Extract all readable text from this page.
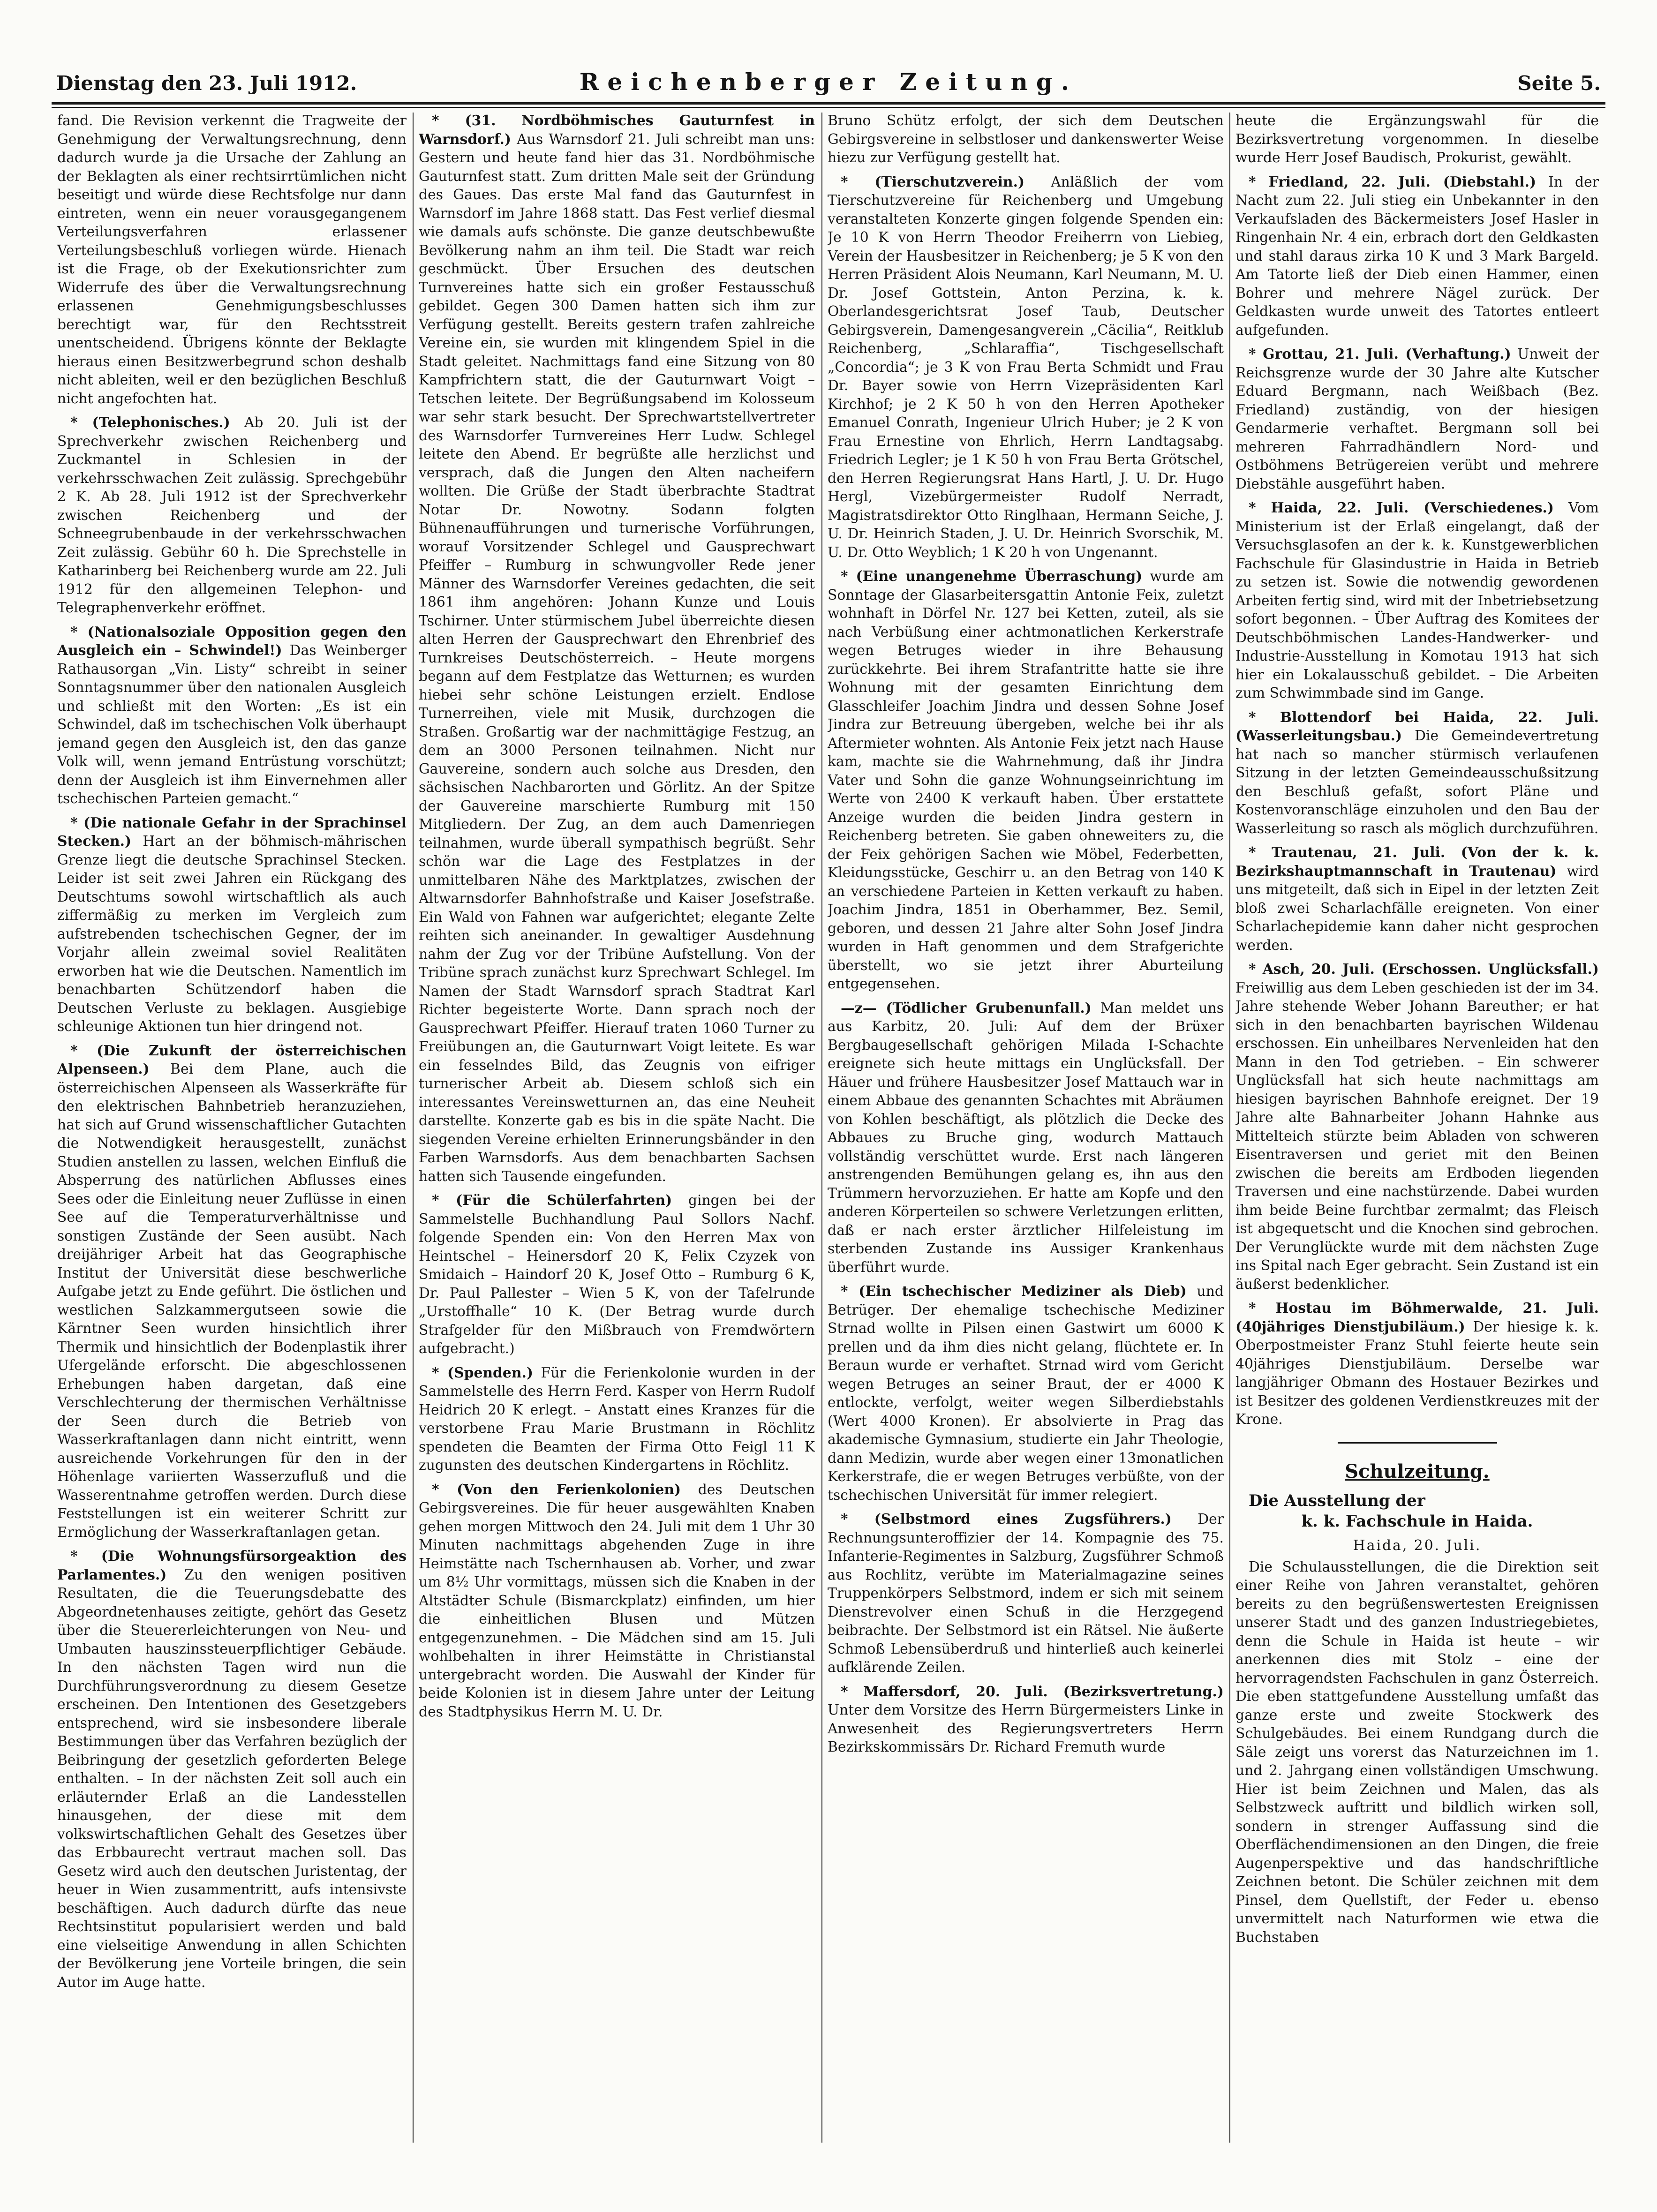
Dienstag den 23. Juli 1912.	Reichenberger Zeitung.	Seite 5.

fand. Die Revision verkennt die Tragweite der Genehmigung der Verwaltungsrechnung, denn dadurch wurde ja die Ursache der Zahlung an der Beklagten als einer rechtsirrtümlichen nicht beseitigt und würde diese Rechtsfolge nur dann eintreten, wenn ein neuer vorausgegangenem Verteilungsverfahren erlassener Verteilungsbeschluß vorliegen würde. Hienach ist die Frage, ob der Exekutionsrichter zum Widerrufe des über die Verwaltungsrechnung erlassenen Genehmigungsbeschlusses berechtigt war, für den Rechtsstreit unentscheidend. Übrigens könnte der Beklagte hieraus einen Besitzwerbegrund schon deshalb nicht ableiten, weil er den bezüglichen Beschluß nicht angefochten hat.

* (Telephonisches.) Ab 20. Juli ist der Sprechverkehr zwischen Reichenberg und Zuckmantel in Schlesien in der verkehrsschwachen Zeit zulässig. Sprechgebühr 2 K. Ab 28. Juli 1912 ist der Sprechverkehr zwischen Reichenberg und der Schneegrubenbaude in der verkehrsschwachen Zeit zulässig. Gebühr 60 h. Die Sprechstelle in Katharinberg bei Reichenberg wurde am 22. Juli 1912 für den allgemeinen Telephon- und Telegraphenverkehr eröffnet.

* (Nationalsoziale Opposition gegen den Ausgleich ein – Schwindel!) Das Weinberger Rathausorgan „Vin. Listy“ schreibt in seiner Sonntagsnummer über den nationalen Ausgleich und schließt mit den Worten: „Es ist ein Schwindel, daß im tschechischen Volk überhaupt jemand gegen den Ausgleich ist, den das ganze Volk will, wenn jemand Entrüstung vorschützt; denn der Ausgleich ist ihm Einvernehmen aller tschechischen Parteien gemacht.“

* (Die nationale Gefahr in der Sprachinsel Stecken.) Hart an der böhmisch-mährischen Grenze liegt die deutsche Sprachinsel Stecken. Leider ist seit zwei Jahren ein Rückgang des Deutschtums sowohl wirtschaftlich als auch ziffermäßig zu merken im Vergleich zum aufstrebenden tschechischen Gegner, der im Vorjahr allein zweimal soviel Realitäten erworben hat wie die Deutschen. Namentlich im benachbarten Schützendorf haben die Deutschen Verluste zu beklagen. Ausgiebige schleunige Aktionen tun hier dringend not.

* (Die Zukunft der österreichischen Alpenseen.) Bei dem Plane, auch die österreichischen Alpenseen als Wasserkräfte für den elektrischen Bahnbetrieb heranzuziehen, hat sich auf Grund wissenschaftlicher Gutachten die Notwendigkeit herausgestellt, zunächst Studien anstellen zu lassen, welchen Einfluß die Absperrung des natürlichen Abflusses eines Sees oder die Einleitung neuer Zuflüsse in einen See auf die Temperaturverhältnisse und sonstigen Zustände der Seen ausübt. Nach dreijähriger Arbeit hat das Geographische Institut der Universität diese beschwerliche Aufgabe jetzt zu Ende geführt. Die östlichen und westlichen Salzkammergutseen sowie die Kärntner Seen wurden hinsichtlich ihrer Thermik und hinsichtlich der Bodenplastik ihrer Ufergelände erforscht. Die abgeschlossenen Erhebungen haben dargetan, daß eine Verschlechterung der thermischen Verhältnisse der Seen durch die Betrieb von Wasserkraftanlagen dann nicht eintritt, wenn ausreichende Vorkehrungen für den in der Höhenlage variierten Wasserzufluß und die Wasserentnahme getroffen werden. Durch diese Feststellungen ist ein weiterer Schritt zur Ermöglichung der Wasserkraftanlagen getan.

* (Die Wohnungsfürsorgeaktion des Parlamentes.) Zu den wenigen positiven Resultaten, die die Teuerungsdebatte des Abgeordnetenhauses zeitigte, gehört das Gesetz über die Steuererleichterungen von Neu- und Umbauten hauszinssteuerpflichtiger Gebäude. In den nächsten Tagen wird nun die Durchführungsverordnung zu diesem Gesetze erscheinen. Den Intentionen des Gesetzgebers entsprechend, wird sie insbesondere liberale Bestimmungen über das Verfahren bezüglich der Beibringung der gesetzlich geforderten Belege enthalten. – In der nächsten Zeit soll auch ein erläuternder Erlaß an die Landesstellen hinausgehen, der diese mit dem volkswirtschaftlichen Gehalt des Gesetzes über das Erbbaurecht vertraut machen soll. Das Gesetz wird auch den deutschen Juristentag, der heuer in Wien zusammentritt, aufs intensivste beschäftigen. Auch dadurch dürfte das neue Rechtsinstitut popularisiert werden und bald eine vielseitige Anwendung in allen Schichten der Bevölkerung jene Vorteile bringen, die sein Autor im Auge hatte.

* (31. Nordböhmisches Gauturnfest in Warnsdorf.) Aus Warnsdorf 21. Juli schreibt man uns: Gestern und heute fand hier das 31. Nordböhmische Gauturnfest statt. Zum dritten Male seit der Gründung des Gaues. Das erste Mal fand das Gauturnfest in Warnsdorf im Jahre 1868 statt. Das Fest verlief diesmal wie damals aufs schönste. Die ganze deutschbewußte Bevölkerung nahm an ihm teil. Die Stadt war reich geschmückt. Über Ersuchen des deutschen Turnvereines hatte sich ein großer Festausschuß gebildet. Gegen 300 Damen hatten sich ihm zur Verfügung gestellt. Bereits gestern trafen zahlreiche Vereine ein, sie wurden mit klingendem Spiel in die Stadt geleitet. Nachmittags fand eine Sitzung von 80 Kampfrichtern statt, die der Gauturnwart Voigt – Tetschen leitete. Der Begrüßungsabend im Kolosseum war sehr stark besucht. Der Sprechwartstellvertreter des Warnsdorfer Turnvereines Herr Ludw. Schlegel leitete den Abend. Er begrüßte alle herzlichst und versprach, daß die Jungen den Alten nacheifern wollten. Die Grüße der Stadt überbrachte Stadtrat Notar Dr. Nowotny. Sodann folgten Bühnenaufführungen und turnerische Vorführungen, worauf Vorsitzender Schlegel und Gausprechwart Pfeiffer – Rumburg in schwungvoller Rede jener Männer des Warnsdorfer Vereines gedachten, die seit 1861 ihm angehören: Johann Kunze und Louis Tschirner. Unter stürmischem Jubel überreichte diesen alten Herren der Gausprechwart den Ehrenbrief des Turnkreises Deutschösterreich. – Heute morgens begann auf dem Festplatze das Wetturnen; es wurden hiebei sehr schöne Leistungen erzielt. Endlose Turnerreihen, viele mit Musik, durchzogen die Straßen. Großartig war der nachmittägige Festzug, an dem an 3000 Personen teilnahmen. Nicht nur Gauvereine, sondern auch solche aus Dresden, den sächsischen Nachbarorten und Görlitz. An der Spitze der Gauvereine marschierte Rumburg mit 150 Mitgliedern. Der Zug, an dem auch Damenriegen teilnahmen, wurde überall sympathisch begrüßt. Sehr schön war die Lage des Festplatzes in der unmittelbaren Nähe des Marktplatzes, zwischen der Altwarnsdorfer Bahnhofstraße und Kaiser Josefstraße. Ein Wald von Fahnen war aufgerichtet; elegante Zelte reihten sich aneinander. In gewaltiger Ausdehnung nahm der Zug vor der Tribüne Aufstellung. Von der Tribüne sprach zunächst kurz Sprechwart Schlegel. Im Namen der Stadt Warnsdorf sprach Stadtrat Karl Richter begeisterte Worte. Dann sprach noch der Gausprechwart Pfeiffer. Hierauf traten 1060 Turner zu Freiübungen an, die Gauturnwart Voigt leitete. Es war ein fesselndes Bild, das Zeugnis von eifriger turnerischer Arbeit ab. Diesem schloß sich ein interessantes Vereinswetturnen an, das eine Neuheit darstellte. Konzerte gab es bis in die späte Nacht. Die siegenden Vereine erhielten Erinnerungsbänder in den Farben Warnsdorfs. Aus dem benachbarten Sachsen hatten sich Tausende eingefunden.

* (Für die Schülerfahrten) gingen bei der Sammelstelle Buchhandlung Paul Sollors Nachf. folgende Spenden ein: Von den Herren Max von Heintschel – Heinersdorf 20 K, Felix Czyzek von Smidaich – Haindorf 20 K, Josef Otto – Rumburg 6 K, Dr. Paul Pallester – Wien 5 K, von der Tafelrunde „Urstoffhalle“ 10 K. (Der Betrag wurde durch Strafgelder für den Mißbrauch von Fremdwörtern aufgebracht.)

* (Spenden.) Für die Ferienkolonie wurden in der Sammelstelle des Herrn Ferd. Kasper von Herrn Rudolf Heidrich 20 K erlegt. – Anstatt eines Kranzes für die verstorbene Frau Marie Brustmann in Röchlitz spendeten die Beamten der Firma Otto Feigl 11 K zugunsten des deutschen Kindergartens in Röchlitz.

* (Von den Ferienkolonien) des Deutschen Gebirgsvereines. Die für heuer ausgewählten Knaben gehen morgen Mittwoch den 24. Juli mit dem 1 Uhr 30 Minuten nachmittags abgehenden Zuge in ihre Heimstätte nach Tschernhausen ab. Vorher, und zwar um 8½ Uhr vormittags, müssen sich die Knaben in der Altstädter Schule (Bismarckplatz) einfinden, um hier die einheitlichen Blusen und Mützen entgegenzunehmen. – Die Mädchen sind am 15. Juli wohlbehalten in ihrer Heimstätte in Christianstal untergebracht worden. Die Auswahl der Kinder für beide Kolonien ist in diesem Jahre unter der Leitung des Stadtphysikus Herrn M. U. Dr.

Bruno Schütz erfolgt, der sich dem Deutschen Gebirgsvereine in selbstloser und dankenswerter Weise hiezu zur Verfügung gestellt hat.

* (Tierschutzverein.) Anläßlich der vom Tierschutzvereine für Reichenberg und Umgebung veranstalteten Konzerte gingen folgende Spenden ein: Je 10 K von Herrn Theodor Freiherrn von Liebieg, Verein der Hausbesitzer in Reichenberg; je 5 K von den Herren Präsident Alois Neumann, Karl Neumann, M. U. Dr. Josef Gottstein, Anton Perzina, k. k. Oberlandesgerichtsrat Josef Taub, Deutscher Gebirgsverein, Damengesangverein „Cäcilia“, Reitklub Reichenberg, „Schlaraffia“, Tischgesellschaft „Concordia“; je 3 K von Frau Berta Schmidt und Frau Dr. Bayer sowie von Herrn Vizepräsidenten Karl Kirchhof; je 2 K 50 h von den Herren Apotheker Emanuel Conrath, Ingenieur Ulrich Huber; je 2 K von Frau Ernestine von Ehrlich, Herrn Landtagsabg. Friedrich Legler; je 1 K 50 h von Frau Berta Grötschel, den Herren Regierungsrat Hans Hartl, J. U. Dr. Hugo Hergl, Vizebürgermeister Rudolf Nerradt, Magistratsdirektor Otto Ringlhaan, Hermann Seiche, J. U. Dr. Heinrich Staden, J. U. Dr. Heinrich Svorschik, M. U. Dr. Otto Weyblich; 1 K 20 h von Ungenannt.

* (Eine unangenehme Überraschung) wurde am Sonntage der Glasarbeitersgattin Antonie Feix, zuletzt wohnhaft in Dörfel Nr. 127 bei Ketten, zuteil, als sie nach Verbüßung einer achtmonatlichen Kerkerstrafe wegen Betruges wieder in ihre Behausung zurückkehrte. Bei ihrem Strafantritte hatte sie ihre Wohnung mit der gesamten Einrichtung dem Glasschleifer Joachim Jindra und dessen Sohne Josef Jindra zur Betreuung übergeben, welche bei ihr als Aftermieter wohnten. Als Antonie Feix jetzt nach Hause kam, machte sie die Wahrnehmung, daß ihr Jindra Vater und Sohn die ganze Wohnungseinrichtung im Werte von 2400 K verkauft haben. Über erstattete Anzeige wurden die beiden Jindra gestern in Reichenberg betreten. Sie gaben ohneweiters zu, die der Feix gehörigen Sachen wie Möbel, Federbetten, Kleidungsstücke, Geschirr u. an den Betrag von 140 K an verschiedene Parteien in Ketten verkauft zu haben. Joachim Jindra, 1851 in Oberhammer, Bez. Semil, geboren, und dessen 21 Jahre alter Sohn Josef Jindra wurden in Haft genommen und dem Strafgerichte überstellt, wo sie jetzt ihrer Aburteilung entgegensehen.

—z— (Tödlicher Grubenunfall.) Man meldet uns aus Karbitz, 20. Juli: Auf dem der Brüxer Bergbaugesellschaft gehörigen Milada I-Schachte ereignete sich heute mittags ein Unglücksfall. Der Häuer und frühere Hausbesitzer Josef Mattauch war in einem Abbaue des genannten Schachtes mit Abräumen von Kohlen beschäftigt, als plötzlich die Decke des Abbaues zu Bruche ging, wodurch Mattauch vollständig verschüttet wurde. Erst nach längeren anstrengenden Bemühungen gelang es, ihn aus den Trümmern hervorzuziehen. Er hatte am Kopfe und den anderen Körperteilen so schwere Verletzungen erlitten, daß er nach erster ärztlicher Hilfeleistung im sterbenden Zustande ins Aussiger Krankenhaus überführt wurde.

* (Ein tschechischer Mediziner als Dieb) und Betrüger. Der ehemalige tschechische Mediziner Strnad wollte in Pilsen einen Gastwirt um 6000 K prellen und da ihm dies nicht gelang, flüchtete er. In Beraun wurde er verhaftet. Strnad wird vom Gericht wegen Betruges an seiner Braut, der er 4000 K entlockte, verfolgt, weiter wegen Silberdiebstahls (Wert 4000 Kronen). Er absolvierte in Prag das akademische Gymnasium, studierte ein Jahr Theologie, dann Medizin, wurde aber wegen einer 13monatlichen Kerkerstrafe, die er wegen Betruges verbüßte, von der tschechischen Universität für immer relegiert.

* (Selbstmord eines Zugsführers.) Der Rechnungsunteroffizier der 14. Kompagnie des 75. Infanterie-Regimentes in Salzburg, Zugsführer Schmoß aus Rochlitz, verübte im Materialmagazine seines Truppenkörpers Selbstmord, indem er sich mit seinem Dienstrevolver einen Schuß in die Herzgegend beibrachte. Der Selbstmord ist ein Rätsel. Nie äußerte Schmoß Lebensüberdruß und hinterließ auch keinerlei aufklärende Zeilen.

* Maffersdorf, 20. Juli. (Bezirksvertretung.) Unter dem Vorsitze des Herrn Bürgermeisters Linke in Anwesenheit des Regierungsvertreters Herrn Bezirkskommissärs Dr. Richard Fremuth wurde

heute die Ergänzungswahl für die Bezirksvertretung vorgenommen. In dieselbe wurde Herr Josef Baudisch, Prokurist, gewählt.

* Friedland, 22. Juli. (Diebstahl.) In der Nacht zum 22. Juli stieg ein Unbekannter in den Verkaufsladen des Bäckermeisters Josef Hasler in Ringenhain Nr. 4 ein, erbrach dort den Geldkasten und stahl daraus zirka 10 K und 3 Mark Bargeld. Am Tatorte ließ der Dieb einen Hammer, einen Bohrer und mehrere Nägel zurück. Der Geldkasten wurde unweit des Tatortes entleert aufgefunden.

* Grottau, 21. Juli. (Verhaftung.) Unweit der Reichsgrenze wurde der 30 Jahre alte Kutscher Eduard Bergmann, nach Weißbach (Bez. Friedland) zuständig, von der hiesigen Gendarmerie verhaftet. Bergmann soll bei mehreren Fahrradhändlern Nord- und Ostböhmens Betrügereien verübt und mehrere Diebstähle ausgeführt haben.

* Haida, 22. Juli. (Verschiedenes.) Vom Ministerium ist der Erlaß eingelangt, daß der Versuchsglasofen an der k. k. Kunstgewerblichen Fachschule für Glasindustrie in Haida in Betrieb zu setzen ist. Sowie die notwendig gewordenen Arbeiten fertig sind, wird mit der Inbetriebsetzung sofort begonnen. – Über Auftrag des Komitees der Deutschböhmischen Landes-Handwerker- und Industrie-Ausstellung in Komotau 1913 hat sich hier ein Lokalausschuß gebildet. – Die Arbeiten zum Schwimmbade sind im Gange.

* Blottendorf bei Haida, 22. Juli. (Wasserleitungsbau.) Die Gemeindevertretung hat nach so mancher stürmisch verlaufenen Sitzung in der letzten Gemeindeausschußsitzung den Beschluß gefaßt, sofort Pläne und Kostenvoranschläge einzuholen und den Bau der Wasserleitung so rasch als möglich durchzuführen.

* Trautenau, 21. Juli. (Von der k. k. Bezirkshauptmannschaft in Trautenau) wird uns mitgeteilt, daß sich in Eipel in der letzten Zeit bloß zwei Scharlachfälle ereigneten. Von einer Scharlachepidemie kann daher nicht gesprochen werden.

* Asch, 20. Juli. (Erschossen. Unglücksfall.) Freiwillig aus dem Leben geschieden ist der im 34. Jahre stehende Weber Johann Bareuther; er hat sich in den benachbarten bayrischen Wildenau erschossen. Ein unheilbares Nervenleiden hat den Mann in den Tod getrieben. – Ein schwerer Unglücksfall hat sich heute nachmittags am hiesigen bayrischen Bahnhofe ereignet. Der 19 Jahre alte Bahnarbeiter Johann Hahnke aus Mittelteich stürzte beim Abladen von schweren Eisentraversen und geriet mit den Beinen zwischen die bereits am Erdboden liegenden Traversen und eine nachstürzende. Dabei wurden ihm beide Beine furchtbar zermalmt; das Fleisch ist abgequetscht und die Knochen sind gebrochen. Der Verunglückte wurde mit dem nächsten Zuge ins Spital nach Eger gebracht. Sein Zustand ist ein äußerst bedenklicher.

* Hostau im Böhmerwalde, 21. Juli. (40jähriges Dienstjubiläum.) Der hiesige k. k. Oberpostmeister Franz Stuhl feierte heute sein 40jähriges Dienstjubiläum. Derselbe war langjähriger Obmann des Hostauer Bezirkes und ist Besitzer des goldenen Verdienstkreuzes mit der Krone.

Schulzeitung.

Die Ausstellung der

k. k. Fachschule in Haida.

Haida, 20. Juli.

Die Schulausstellungen, die die Direktion seit einer Reihe von Jahren veranstaltet, gehören bereits zu den begrüßenswertesten Ereignissen unserer Stadt und des ganzen Industriegebietes, denn die Schule in Haida ist heute – wir anerkennen dies mit Stolz – eine der hervorragendsten Fachschulen in ganz Österreich. Die eben stattgefundene Ausstellung umfaßt das ganze erste und zweite Stockwerk des Schulgebäudes. Bei einem Rundgang durch die Säle zeigt uns vorerst das Naturzeichnen im 1. und 2. Jahrgang einen vollständigen Umschwung. Hier ist beim Zeichnen und Malen, das als Selbstzweck auftritt und bildlich wirken soll, sondern in strenger Auffassung sind die Oberflächendimensionen an den Dingen, die freie Augenperspektive und das handschriftliche Zeichnen betont. Die Schüler zeichnen mit dem Pinsel, dem Quellstift, der Feder u. ebenso unvermittelt nach Naturformen wie etwa die Buchstaben
